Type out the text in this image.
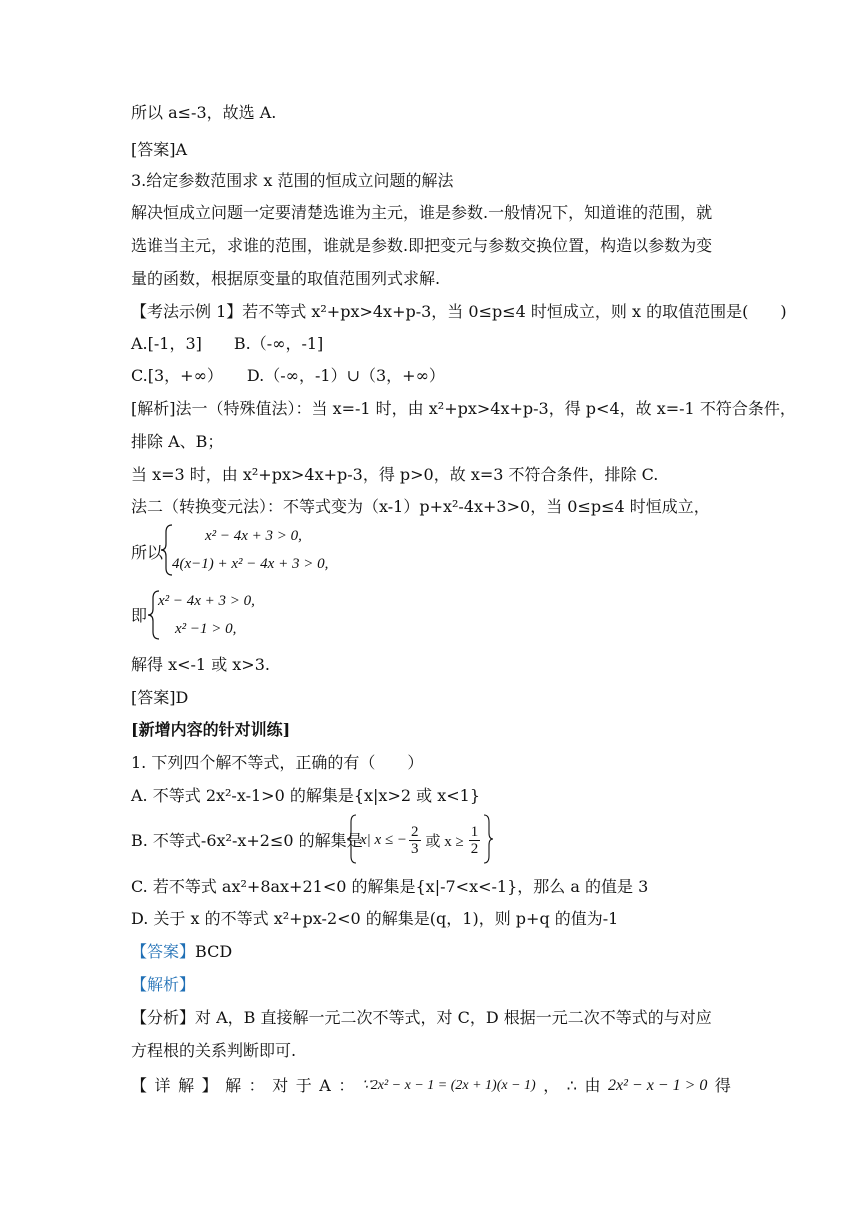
所以 a≤-3，故选 A.
[答案]A
3.给定参数范围求 x 范围的恒成立问题的解法
解决恒成立问题一定要清楚选谁为主元，谁是参数.一般情况下，知道谁的范围，就
选谁当主元，求谁的范围，谁就是参数.即把变元与参数交换位置，构造以参数为变
量的函数，根据原变量的取值范围列式求解.
【考法示例 1】若不等式 x²+px>4x+p-3，当 0≤p≤4 时恒成立，则 x 的取值范围是(　　)
A.[-1，3]　　B.（-∞，-1]
C.[3，+∞）　　D.（-∞，-1）∪（3，+∞）
[解析]法一（特殊值法）：当 x=-1 时，由 x²+px>4x+p-3，得 p<4，故 x=-1 不符合条件，
排除 A、B；
当 x=3 时，由 x²+px>4x+p-3，得 p>0，故 x=3 不符合条件，排除 C.
法二（转换变元法）：不等式变为（x-1）p+x²-4x+3>0，当 0≤p≤4 时恒成立，
所以
x² − 4x + 3 > 0,
4(x−1) + x² − 4x + 3 > 0,
即
x² − 4x + 3 > 0,
x² −1 > 0,
解得 x<-1 或 x>3.
[答案]D
[新增内容的针对训练]
1. 下列四个解不等式，正确的有（　　）
A. 不等式 2x²-x-1>0 的解集是{x|x>2 或 x<1}
B. 不等式-6x²-x+2≤0 的解集是
x| x ≤ − $\frac{2}{3}$ 或 $x \ge \frac{1}{2}$
C. 若不等式 ax²+8ax+21<0 的解集是{x|-7<x<-1}，那么 a 的值是 3
D. 关于 x 的不等式 x²+px-2<0 的解集是(q，1)，则 p+q 的值为-1
【答案】BCD
【解析】
【分析】对 A，B 直接解一元二次不等式，对 C，D 根据一元二次不等式的与对应
方程根的关系判断即可.
【 详 解 】 解 ： 对 于 A ： ∵2x² − x − 1 = (2x + 1)(x − 1) ， ∴ 由 2x² − x − 1 > 0 得
